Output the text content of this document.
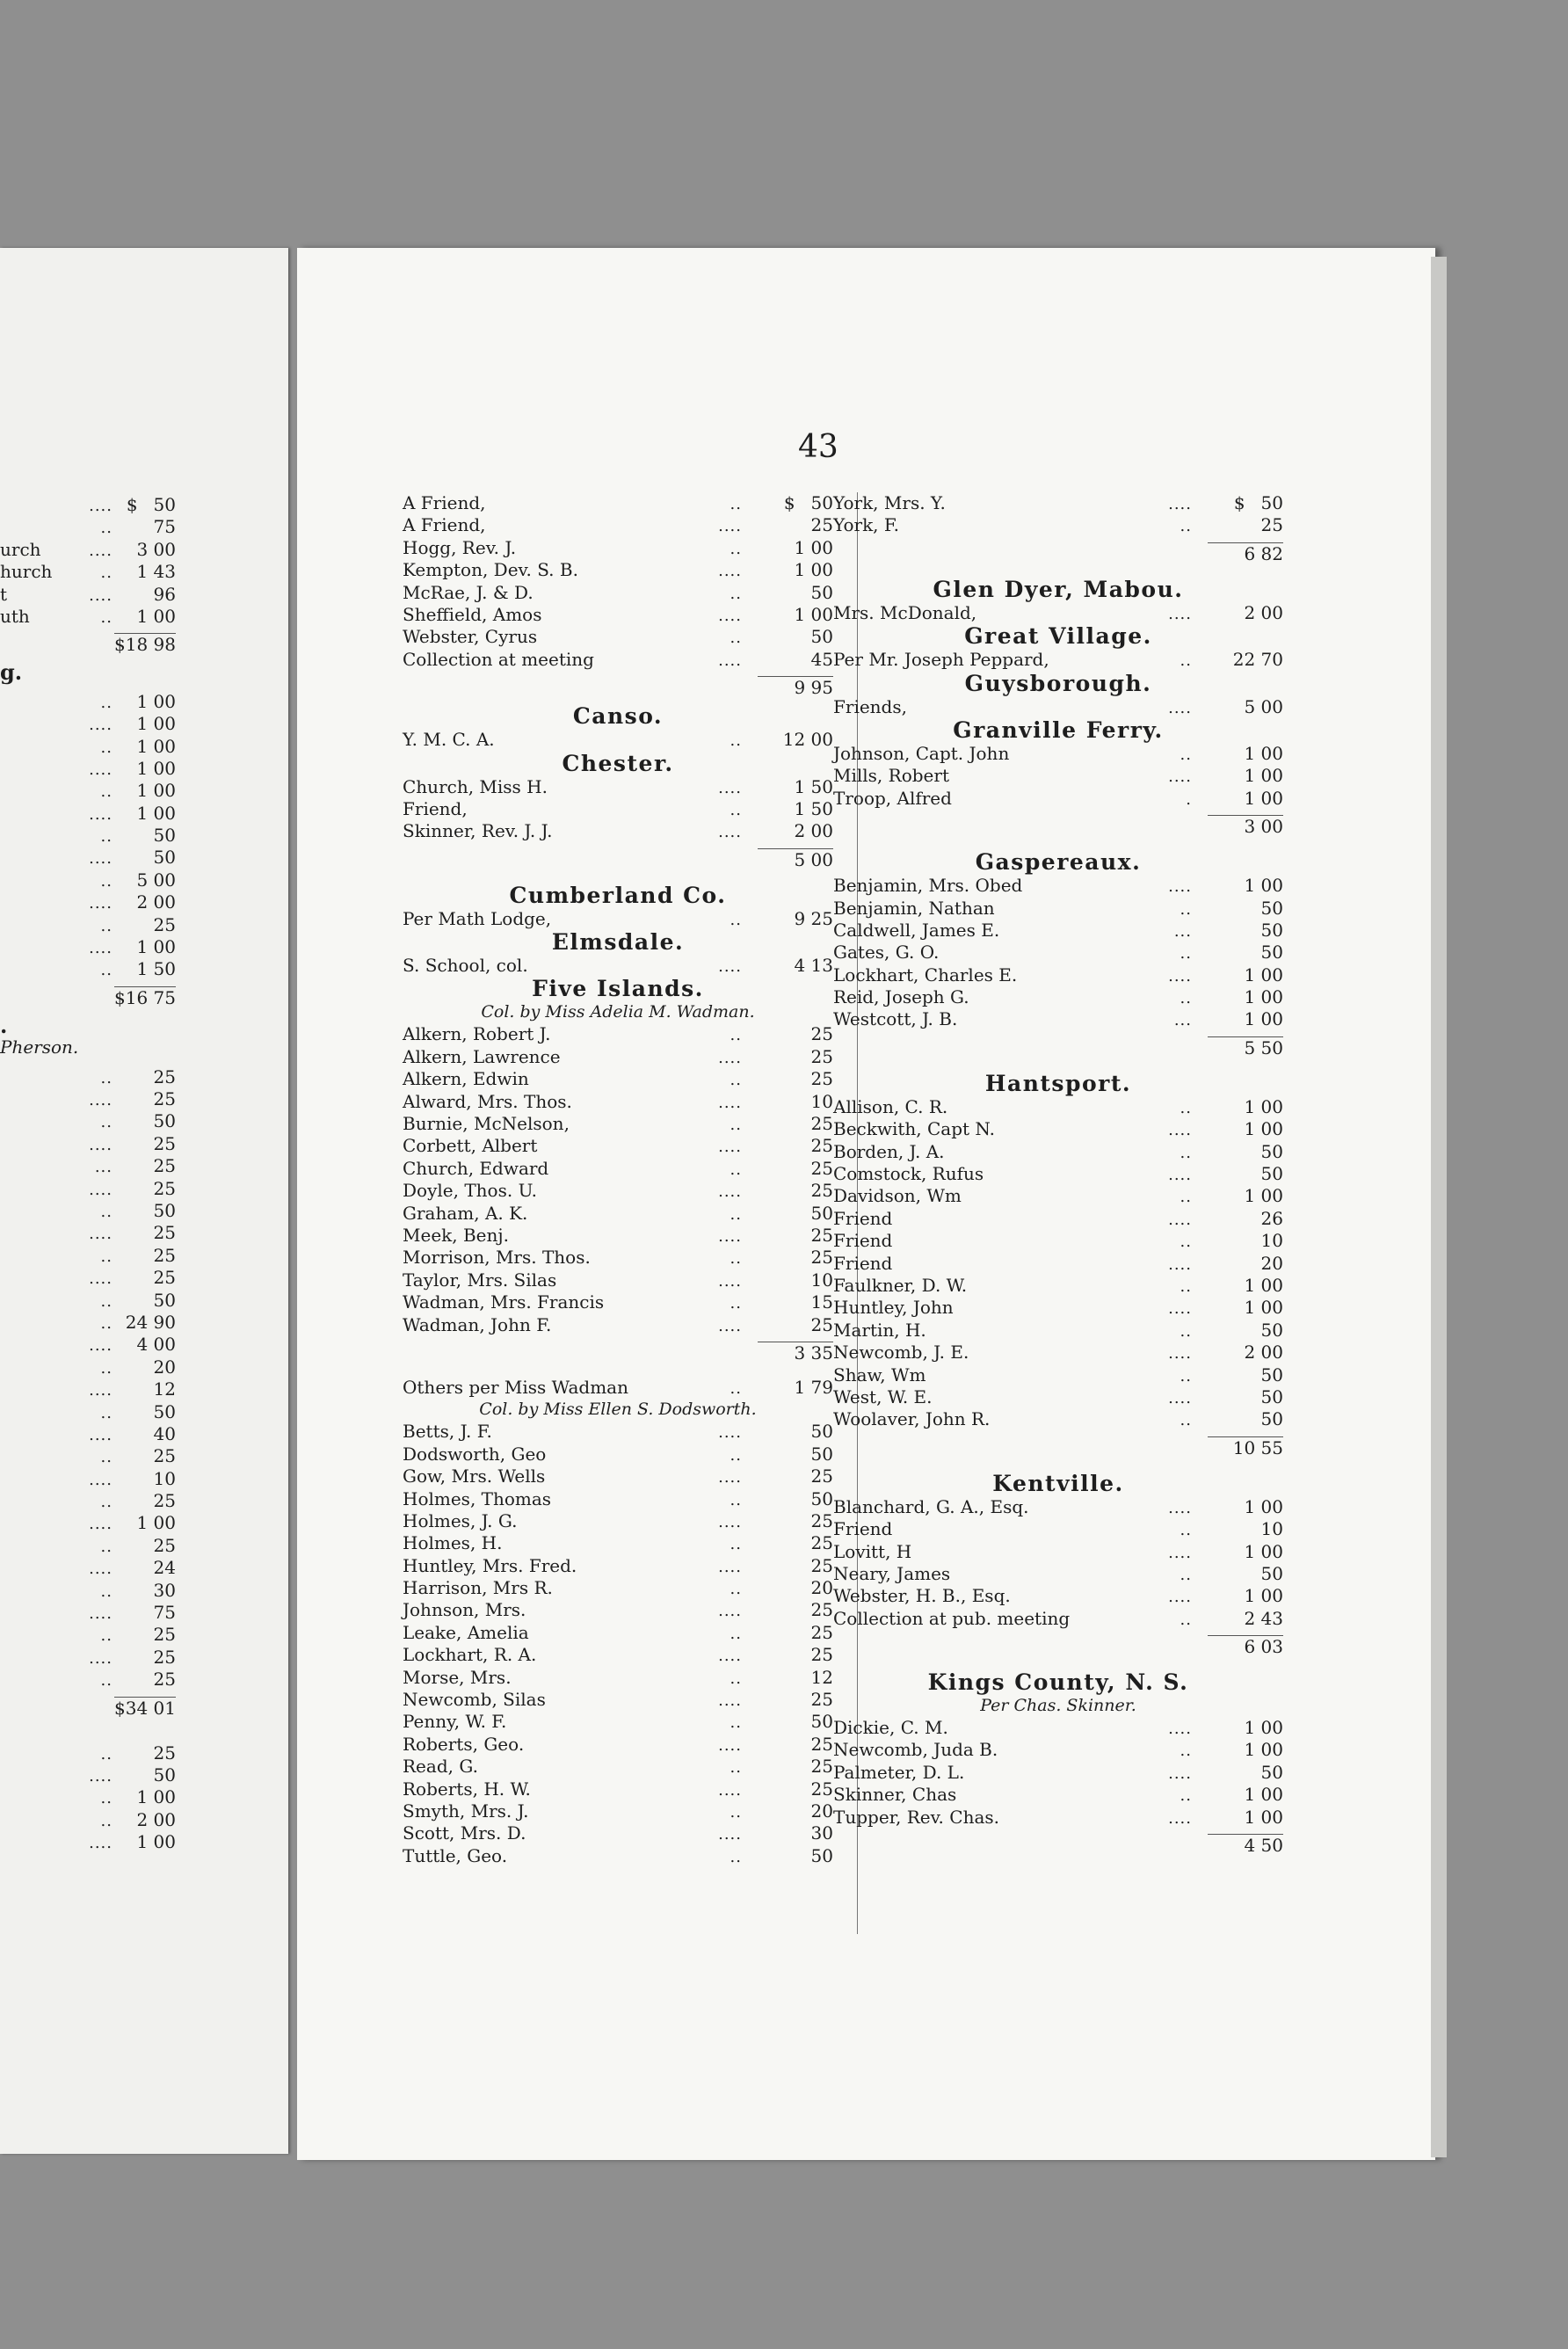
.... $ 50
..	75
urch	....	3 00
hurch	..	1 43
t	....	96
uth	..	1 00
$18 98
g.
..	1 00
....	1 00
..	1 00
....	1 00
..	1 00
....	1 00
..	50
....	50
..	5 00
....	2 00
..	25
....	1 00
..	1 50
$16 75
.
Pherson.
..	25
....	25
..	50
....	25
...	25
....	25
..	50
....	25
..	25
....	25
..	50
.. 24 90
....	4 00
..	20
....	12
..	50
....	40
..	25
....	10
..	25
....	1 00
..	25
....	24
..	30
....	75
..	25
....	25
..	25
$34 01
..	25
....	50
..	1 00
..	2 00
....	1 00
43
A Friend,	..	$ 50
A Friend,	....	25
Hogg, Rev. J.	..	1 00
Kempton, Dev. S. B.	....	1 00
McRae, J. & D.	..	50
Sheffield, Amos	....	1 00
Webster, Cyrus	..	50
Collection at meeting	....	45
9 95
Canso.
Y. M. C. A.	..	12 00
Chester.
Church, Miss H.	....	1 50
Friend,	..	1 50
Skinner, Rev. J. J.	....	2 00
5 00
Cumberland Co.
Per Math Lodge,	..	9 25
Elmsdale.
S. School, col.	....	4 13
Five Islands.
Col. by Miss Adelia M. Wadman.
Alkern, Robert J.	..	25
Alkern, Lawrence	....	25
Alkern, Edwin	..	25
Alward, Mrs. Thos.	....	10
Burnie, McNelson,	..	25
Corbett, Albert	....	25
Church, Edward	..	25
Doyle, Thos. U.	....	25
Graham, A. K.	..	50
Meek, Benj.	....	25
Morrison, Mrs. Thos.	..	25
Taylor, Mrs. Silas	....	10
Wadman, Mrs. Francis	..	15
Wadman, John F.	....	25
3 35
Others per Miss Wadman	..	1 79
Col. by Miss Ellen S. Dodsworth.
Betts, J. F.	....	50
Dodsworth, Geo	..	50
Gow, Mrs. Wells	....	25
Holmes, Thomas	..	50
Holmes, J. G.	....	25
Holmes, H.	..	25
Huntley, Mrs. Fred.	....	25
Harrison, Mrs R.	..	20
Johnson, Mrs.	....	25
Leake, Amelia	..	25
Lockhart, R. A.	....	25
Morse, Mrs.	..	12
Newcomb, Silas	....	25
Penny, W. F.	..	50
Roberts, Geo.	....	25
Read, G.	..	25
Roberts, H. W.	....	25
Smyth, Mrs. J.	..	20
Scott, Mrs. D.	....	30
Tuttle, Geo.	..	50
York, Mrs. Y.	....	$ 50
York, F.	..	25
6 82
Glen Dyer, Mabou.
Mrs. McDonald,	....	2 00
Great Village.
Per Mr. Joseph Peppard,	..	22 70
Guysborough.
Friends,	....	5 00
Granville Ferry.
Johnson, Capt. John	..	1 00
Mills, Robert	....	1 00
Troop, Alfred	.	1 00
3 00
Gaspereaux.
Benjamin, Mrs. Obed	....	1 00
Benjamin, Nathan	..	50
Caldwell, James E.	...	50
Gates, G. O.	..	50
Lockhart, Charles E.	....	1 00
Reid, Joseph G.	..	1 00
Westcott, J. B.	...	1 00
5 50
Hantsport.
Allison, C. R.	..	1 00
Beckwith, Capt N.	....	1 00
Borden, J. A.	..	50
Comstock, Rufus	....	50
Davidson, Wm	..	1 00
Friend	....	26
Friend	..	10
Friend	....	20
Faulkner, D. W.	..	1 00
Huntley, John	....	1 00
Martin, H.	..	50
Newcomb, J. E.	....	2 00
Shaw, Wm	..	50
West, W. E.	....	50
Woolaver, John R.	..	50
10 55
Kentville.
Blanchard, G. A., Esq.	....	1 00
Friend	..	10
Lovitt, H	....	1 00
Neary, James	..	50
Webster, H. B., Esq.	....	1 00
Collection at pub. meeting	..	2 43
6 03
Kings County, N. S.
Per Chas. Skinner.
Dickie, C. M.	....	1 00
Newcomb, Juda B.	..	1 00
Palmeter, D. L.	....	50
Skinner, Chas	..	1 00
Tupper, Rev. Chas.	....	1 00
4 50
